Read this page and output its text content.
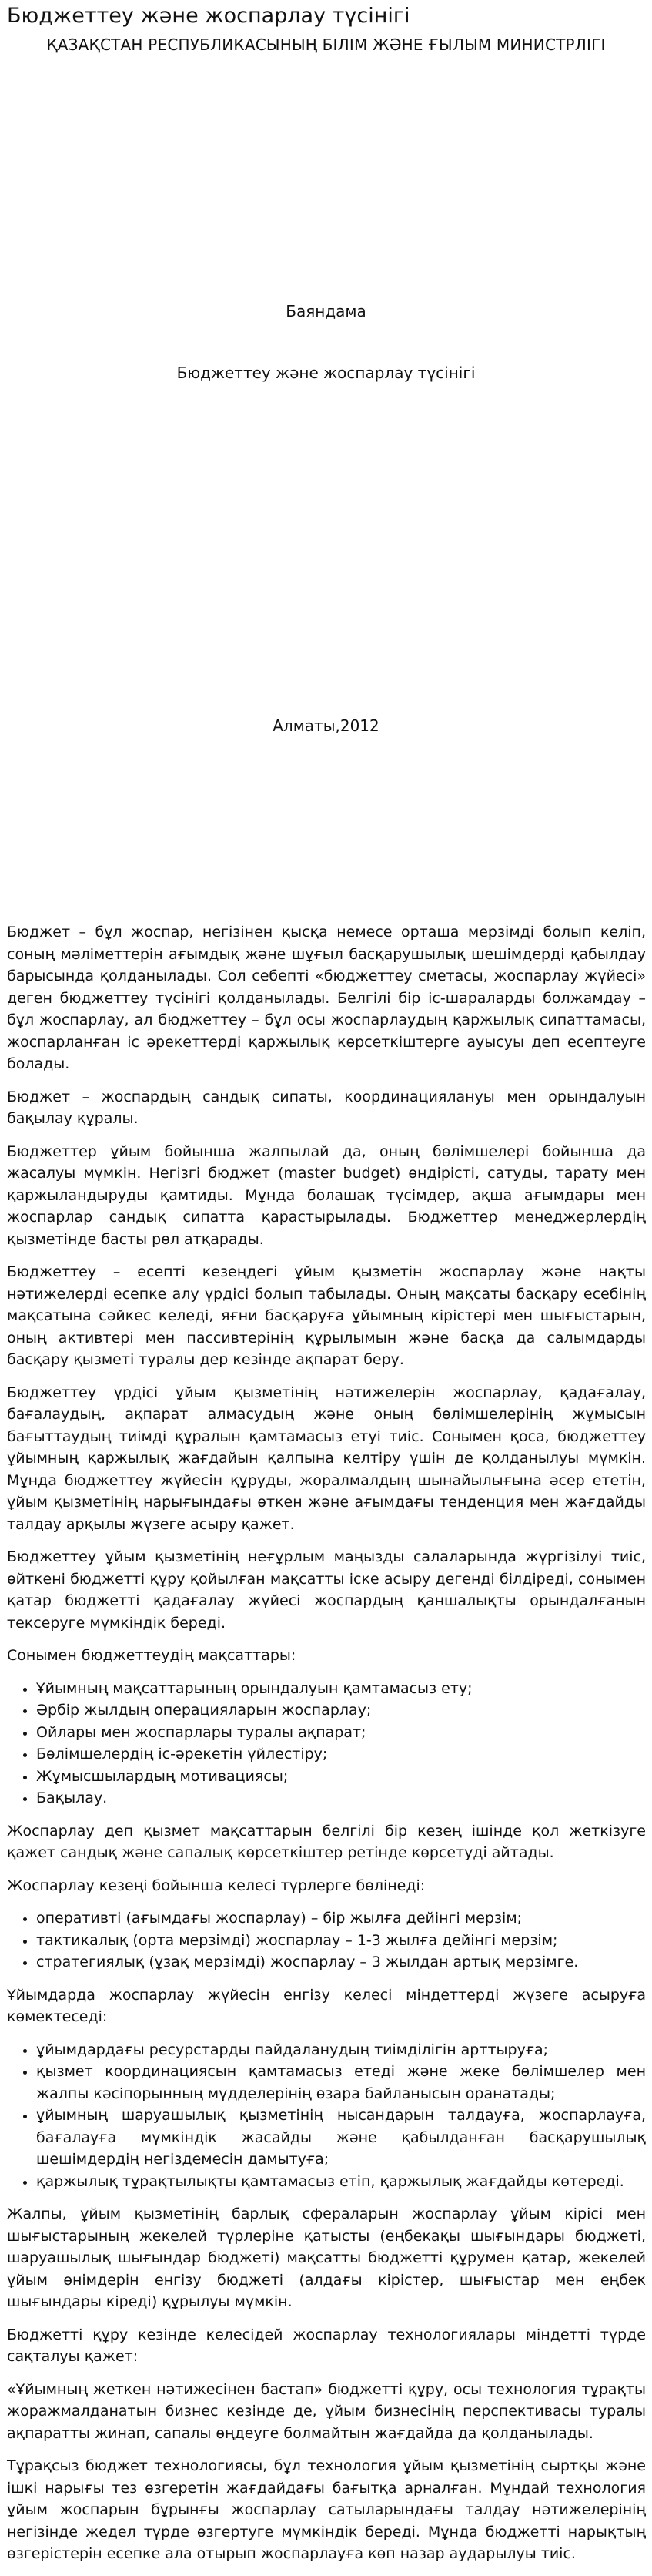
Бюджеттеу және жоспарлау түсінігі
ҚАЗАҚСТАН РЕСПУБЛИКАСЫНЫҢ БІЛІМ ЖӘНЕ ҒЫЛЫМ МИНИСТРЛІГІ
Баяндама
Бюджеттеу және жоспарлау түсінігі
Алматы,2012

Бюджет – бұл жоспар, негізінен қысқа немесе орташа мерзімді болып келіп, соның мәліметтерін ағымдық және шұғыл басқарушылық шешімдерді қабылдау барысында қолданылады. Сол себепті «бюджеттеу сметасы, жоспарлау жүйесі» деген бюджеттеу түсінігі қолданылады. Белгілі бір іс-шараларды болжамдау – бұл жоспарлау, ал бюджеттеу – бұл осы жоспарлаудың қаржылық сипаттамасы, жоспарланған іс әрекеттерді қаржылық көрсеткіштерге ауысуы деп есептеуге болады.

Бюджет – жоспардың сандық сипаты, координациялануы мен орындалуын бақылау құралы.

Бюджеттер ұйым бойынша жалпылай да, оның бөлімшелері бойынша да жасалуы мүмкін. Негізгі бюджет (master budget) өндірісті, сатуды, тарату мен қаржыландыруды қамтиды. Мұнда болашақ түсімдер, ақша ағымдары мен жоспарлар сандық сипатта қарастырылады. Бюджеттер менеджерлердің қызметінде басты рөл атқарады.

Бюджеттеу – есепті кезеңдегі ұйым қызметін жоспарлау және нақты нәтижелерді есепке алу үрдісі болып табылады. Оның мақсаты басқару есебінің мақсатына сәйкес келеді, яғни басқаруға ұйымның кірістері мен шығыстарын, оның активтері мен пассивтерінің құрылымын және басқа да салымдарды басқару қызметі туралы дер кезінде ақпарат беру.

Бюджеттеу үрдісі ұйым қызметінің нәтижелерін жоспарлау, қадағалау, бағалаудың, ақпарат алмасудың және оның бөлімшелерінің жұмысын бағыттаудың тиімді құралын қамтамасыз етуі тиіс. Сонымен қоса, бюджеттеу ұйымның қаржылық жағдайын қалпына келтіру үшін де қолданылуы мүмкін. Мұнда бюджеттеу жүйесін құруды, жоралмалдың шынайылығына әсер ететін, ұйым қызметінің нарығындағы өткен және ағымдағы тенденция мен жағдайды талдау арқылы жүзеге асыру қажет.

Бюджеттеу ұйым қызметінің неғұрлым маңызды салаларында жүргізілуі тиіс, өйткені бюджетті құру қойылған мақсатты іске асыру дегенді білдіреді, сонымен қатар бюджетті қадағалау жүйесі жоспардың қаншалықты орындалғанын тексеруге мүмкіндік береді.

Сонымен бюджеттеудің мақсаттары:

• Ұйымның мақсаттарының орындалуын қамтамасыз ету;
• Әрбір жылдың операцияларын жоспарлау;
• Ойлары мен жоспарлары туралы ақпарат;
• Бөлімшелердің іс-әрекетін үйлестіру;
• Жұмысшылардың мотивациясы;
• Бақылау.

Жоспарлау деп қызмет мақсаттарын белгілі бір кезең ішінде қол жеткізуге қажет сандық және сапалық көрсеткіштер ретінде көрсетуді айтады.

Жоспарлау кезеңі бойынша келесі түрлерге бөлінеді:

• оперативті (ағымдағы жоспарлау) – бір жылға дейінгі мерзім;
• тактикалық (орта мерзімді) жоспарлау – 1-3 жылға дейінгі мерзім;
• стратегиялық (ұзақ мерзімді) жоспарлау – 3 жылдан артық мерзімге.

Ұйымдарда жоспарлау жүйесін енгізу келесі міндеттерді жүзеге асыруға көмектеседі:

• ұйымдардағы ресурстарды пайдаланудың тиімділігін арттыруға;
• қызмет координациясын қамтамасыз етеді және жеке бөлімшелер мен жалпы кәсіпорынның мүдделерінің өзара байланысын оранатады;
• ұйымның шаруашылық қызметінің нысандарын талдауға, жоспарлауға, бағалауға мүмкіндік жасайды және қабылданған басқарушылық шешімдердің негіздемесін дамытуға;
• қаржылық тұрақтылықты қамтамасыз етіп, қаржылық жағдайды көтереді.

Жалпы, ұйым қызметінің барлық сфераларын жоспарлау ұйым кірісі мен шығыстарының жекелей түрлеріне қатысты (еңбекақы шығындары бюджеті, шаруашылық шығындар бюджеті) мақсатты бюджетті құрумен қатар, жекелей ұйым өнімдерін енгізу бюджеті (алдағы кірістер, шығыстар мен еңбек шығындары кіреді) құрылуы мүмкін.

Бюджетті құру кезінде келесідей жоспарлау технологиялары міндетті түрде сақталуы қажет:

«Ұйымның жеткен нәтижесінен бастап» бюджетті құру, осы технология тұрақты жоражмалданатын бизнес кезінде де, ұйым бизнесінің перспективасы туралы ақпаратты жинап, сапалы өңдеуге болмайтын жағдайда да қолданылады.

Тұрақсыз бюджет технологиясы, бұл технология ұйым қызметінің сыртқы және ішкі нарығы тез өзгеретін жағдайдағы бағытқа арналған. Мұндай технология ұйым жоспарын бұрынғы жоспарлау сатыларындағы талдау нәтижелерінің негізінде жедел түрде өзгертуге мүмкіндік береді. Мұнда бюджетті нарықтың өзгерістерін есепке ала отырып жоспарлауға көп назар аударылуы тиіс.
